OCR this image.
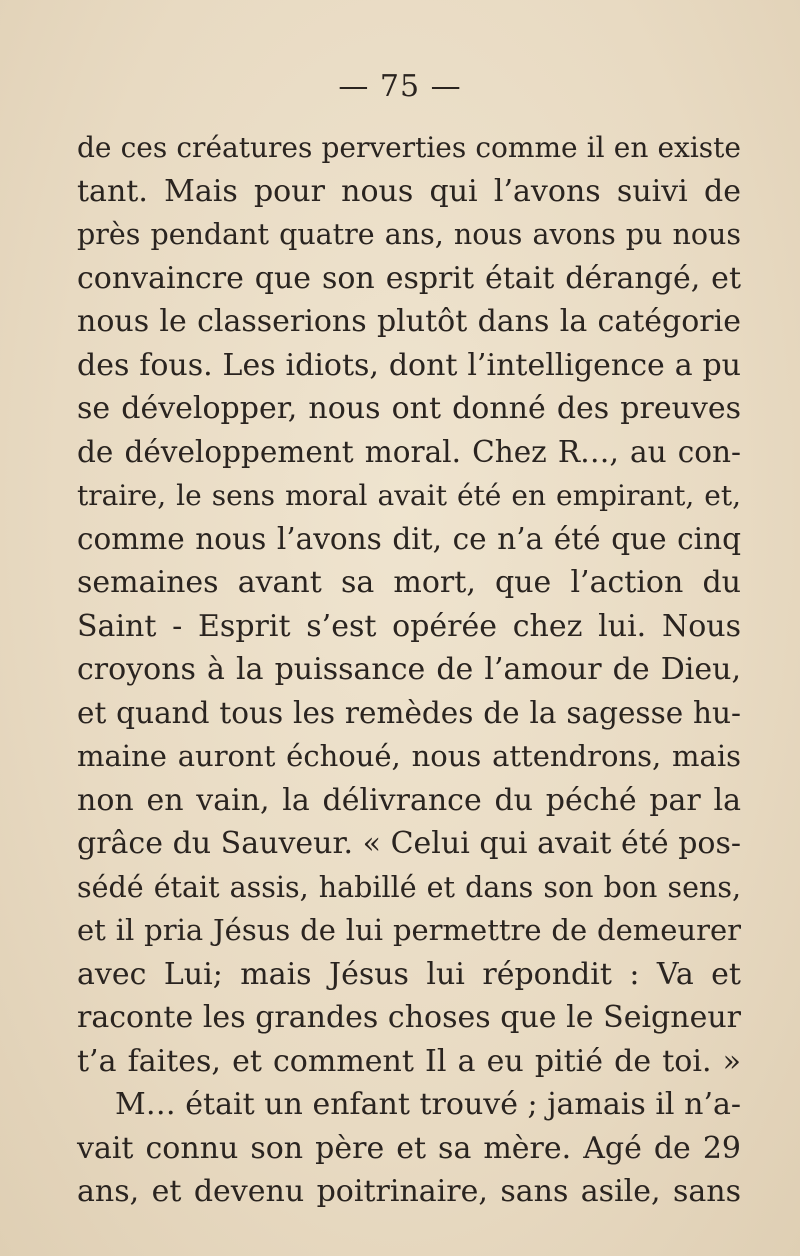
— 75 —
de ces créatures perverties comme il en existe
tant. Mais pour nous qui l’avons suivi de
près pendant quatre ans, nous avons pu nous
convaincre que son esprit était dérangé, et
nous le classerions plutôt dans la catégorie
des fous. Les idiots, dont l’intelligence a pu
se développer, nous ont donné des preuves
de développement moral. Chez R…, au con-
traire, le sens moral avait été en empirant, et,
comme nous l’avons dit, ce n’a été que cinq
semaines avant sa mort, que l’action du
Saint - Esprit s’est opérée chez lui. Nous
croyons à la puissance de l’amour de Dieu,
et quand tous les remèdes de la sagesse hu-
maine auront échoué, nous attendrons, mais
non en vain, la délivrance du péché par la
grâce du Sauveur. « Celui qui avait été pos-
sédé était assis, habillé et dans son bon sens,
et il pria Jésus de lui permettre de demeurer
avec Lui; mais Jésus lui répondit : Va et
raconte les grandes choses que le Seigneur
t’a faites, et comment Il a eu pitié de toi. »
M… était un enfant trouvé ; jamais il n’a-
vait connu son père et sa mère. Agé de 29
ans, et devenu poitrinaire, sans asile, sans
